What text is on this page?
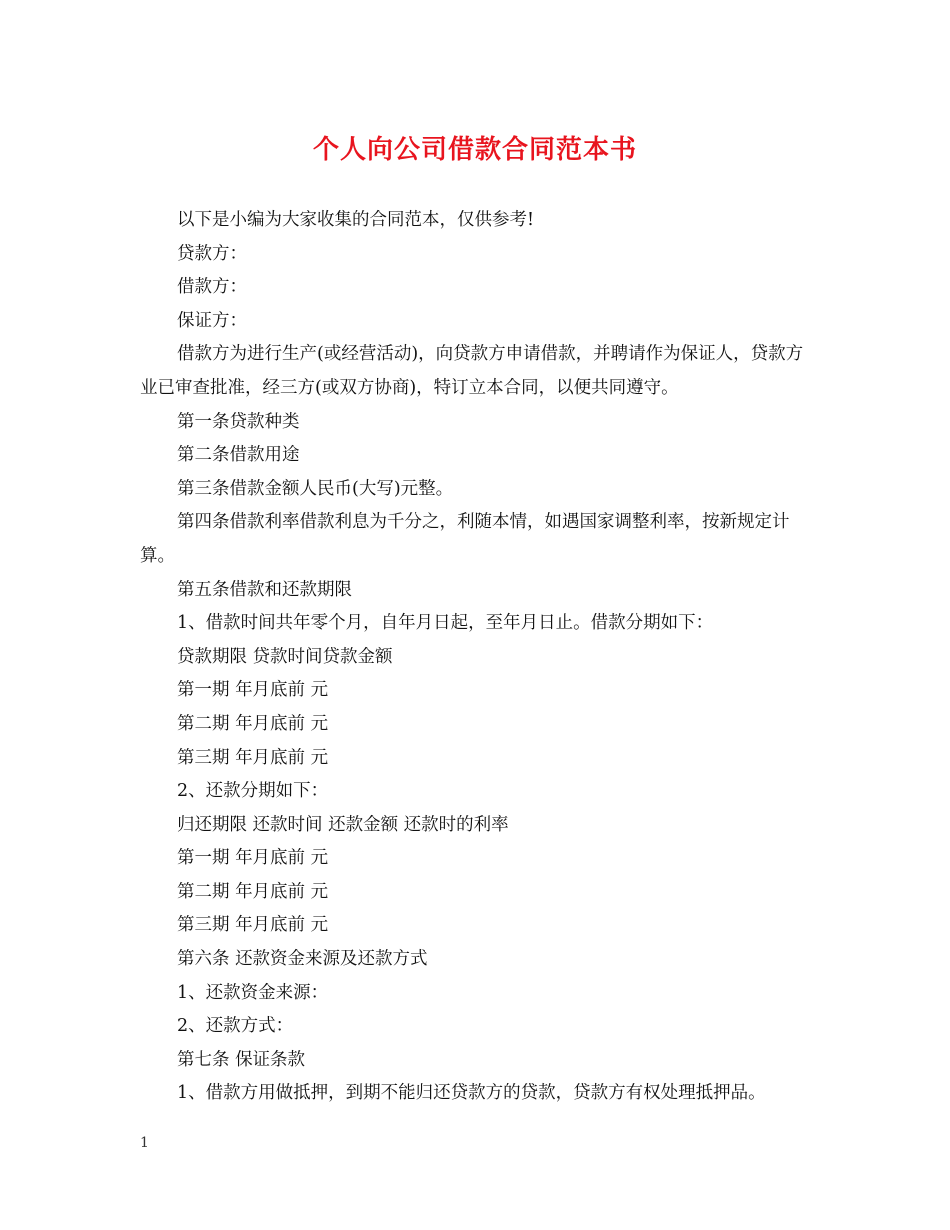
个人向公司借款合同范本书

以下是小编为大家收集的合同范本，仅供参考!

贷款方：

借款方：

保证方：

借款方为进行生产(或经营活动)，向贷款方申请借款，并聘请作为保证人，贷款方业已审查批准，经三方(或双方协商)，特订立本合同，以便共同遵守。

第一条贷款种类

第二条借款用途

第三条借款金额人民币(大写)元整。

第四条借款利率借款利息为千分之，利随本情，如遇国家调整利率，按新规定计算。

第五条借款和还款期限

1、借款时间共年零个月，自年月日起，至年月日止。借款分期如下：

贷款期限 贷款时间贷款金额

第一期 年月底前 元

第二期 年月底前 元

第三期 年月底前 元

2、还款分期如下：

归还期限 还款时间 还款金额 还款时的利率

第一期 年月底前 元

第二期 年月底前 元

第三期 年月底前 元

第六条 还款资金来源及还款方式

1、还款资金来源：

2、还款方式：

第七条 保证条款

1、借款方用做抵押，到期不能归还贷款方的贷款，贷款方有权处理抵押品。

1
